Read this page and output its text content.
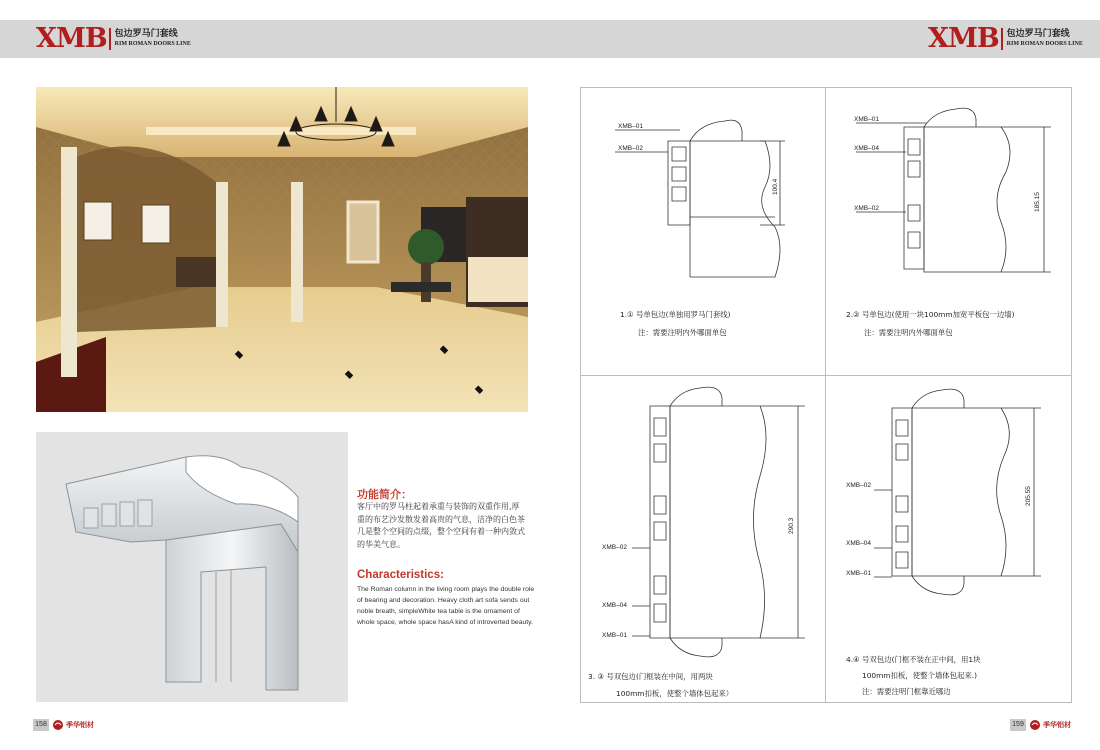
XMB 包边罗马门套线
RIM ROMAN DOORS LINE	XMB 包边罗马门套线
RIM ROMAN DOORS LINE
功能简介：
客厅中的罗马柱起着承重与装饰的双重作用,厚重的布艺沙发散发着高贵的气息，洁净的白色茶几是整个空间的点缀，整个空间有着一种内敛式的华美气息。
Characteristics:
The Roman column in the living room plays the double role of bearing and decoration. Heavy cloth art sofa sends out noble breath, simpleWhite tea table is the ornament of whole space, whole space hasA kind of introverted beauty.
158	季华铝材	159	季华铝材
XMB–01
XMB–02
100.4
1.① 号单包边(单独用罗马门套线)
注：需要注明内外哪面单包
XMB–01
XMB–04
XMB–02	185.15
2.② 号单包边(使用一块100mm加宽平板包一边墙)
注：需要注明内外哪面单包
XMB–02
XMB–04
XMB–01
290.3
3. ③ 号双包边(门框装在中间，用两块
100mm扣板，使整个墙体包起来）
XMB–02
XMB–04
XMB–01
205.55
4.④ 号双包边(门框不装在正中间，用1块
100mm扣板，使整个墙体包起来.)
注：需要注明门框靠近哪边
